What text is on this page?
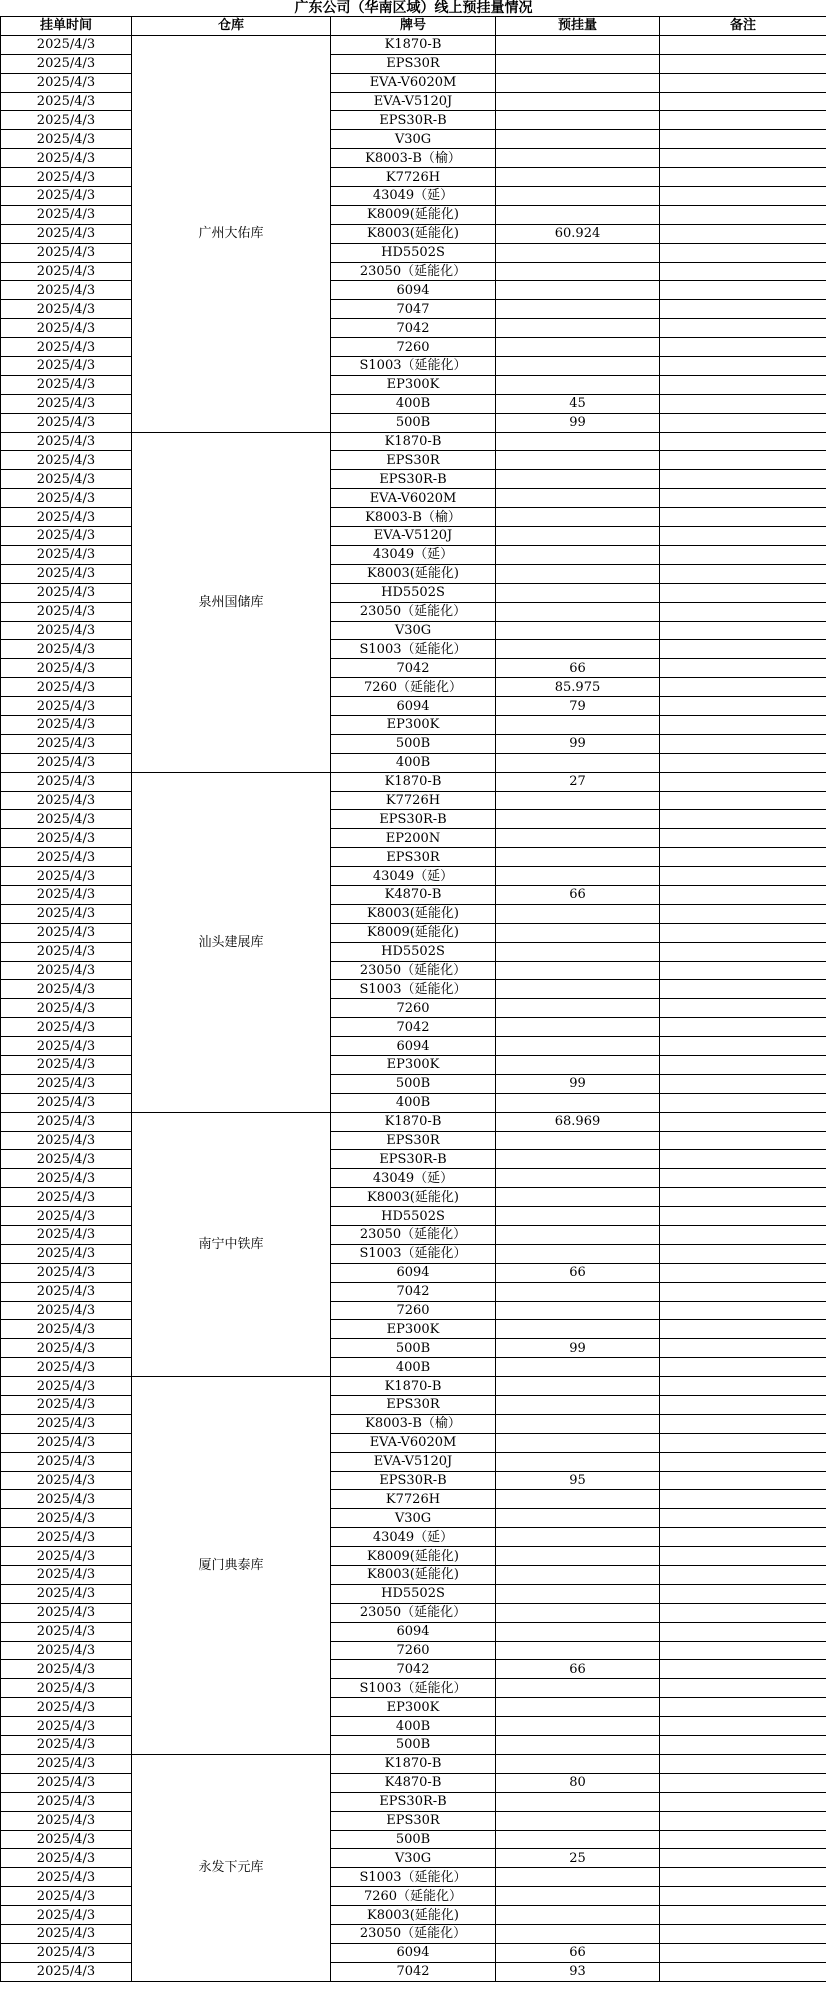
广东公司（华南区域）线上预挂量情况				
挂单时间	仓库	牌号	预挂量	备注
2025/4/3	广州大佑库	K1870-B		
2025/4/3		EPS30R		
2025/4/3		EVA-V6020M		
2025/4/3		EVA-V5120J		
2025/4/3		EPS30R-B		
2025/4/3		V30G		
2025/4/3		K8003-B（榆）		
2025/4/3		K7726H		
2025/4/3		43049（延）		
2025/4/3		K8009(延能化)		
2025/4/3		K8003(延能化)	60.924	
2025/4/3		HD5502S		
2025/4/3		23050（延能化）		
2025/4/3		6094		
2025/4/3		7047		
2025/4/3		7042		
2025/4/3		7260		
2025/4/3		S1003（延能化）		
2025/4/3		EP300K		
2025/4/3		400B	45	
2025/4/3		500B	99	
2025/4/3	泉州国储库	K1870-B		
2025/4/3		EPS30R		
2025/4/3		EPS30R-B		
2025/4/3		EVA-V6020M		
2025/4/3		K8003-B（榆）		
2025/4/3		EVA-V5120J		
2025/4/3		43049（延）		
2025/4/3		K8003(延能化)		
2025/4/3		HD5502S		
2025/4/3		23050（延能化）		
2025/4/3		V30G		
2025/4/3		S1003（延能化）		
2025/4/3		7042	66	
2025/4/3		7260（延能化）	85.975	
2025/4/3		6094	79	
2025/4/3		EP300K		
2025/4/3		500B	99	
2025/4/3		400B		
2025/4/3	汕头建展库	K1870-B	27	
2025/4/3		K7726H		
2025/4/3		EPS30R-B		
2025/4/3		EP200N		
2025/4/3		EPS30R		
2025/4/3		43049（延）		
2025/4/3		K4870-B	66	
2025/4/3		K8003(延能化)		
2025/4/3		K8009(延能化)		
2025/4/3		HD5502S		
2025/4/3		23050（延能化）		
2025/4/3		S1003（延能化）		
2025/4/3		7260		
2025/4/3		7042		
2025/4/3		6094		
2025/4/3		EP300K		
2025/4/3		500B	99	
2025/4/3		400B		
2025/4/3	南宁中铁库	K1870-B	68.969	
2025/4/3		EPS30R		
2025/4/3		EPS30R-B		
2025/4/3		43049（延）		
2025/4/3		K8003(延能化)		
2025/4/3		HD5502S		
2025/4/3		23050（延能化）		
2025/4/3		S1003（延能化）		
2025/4/3		6094	66	
2025/4/3		7042		
2025/4/3		7260		
2025/4/3		EP300K		
2025/4/3		500B	99	
2025/4/3		400B		
2025/4/3	厦门典泰库	K1870-B		
2025/4/3		EPS30R		
2025/4/3		K8003-B（榆）		
2025/4/3		EVA-V6020M		
2025/4/3		EVA-V5120J		
2025/4/3		EPS30R-B	95	
2025/4/3		K7726H		
2025/4/3		V30G		
2025/4/3		43049（延）		
2025/4/3		K8009(延能化)		
2025/4/3		K8003(延能化)		
2025/4/3		HD5502S		
2025/4/3		23050（延能化）		
2025/4/3		6094		
2025/4/3		7260		
2025/4/3		7042	66	
2025/4/3		S1003（延能化）		
2025/4/3		EP300K		
2025/4/3		400B		
2025/4/3		500B		
2025/4/3	永发下元库	K1870-B		
2025/4/3		K4870-B	80	
2025/4/3		EPS30R-B		
2025/4/3		EPS30R		
2025/4/3		500B		
2025/4/3		V30G	25	
2025/4/3		S1003（延能化）		
2025/4/3		7260（延能化）		
2025/4/3		K8003(延能化)		
2025/4/3		23050（延能化）		
2025/4/3		6094	66	
2025/4/3		7042	93	
